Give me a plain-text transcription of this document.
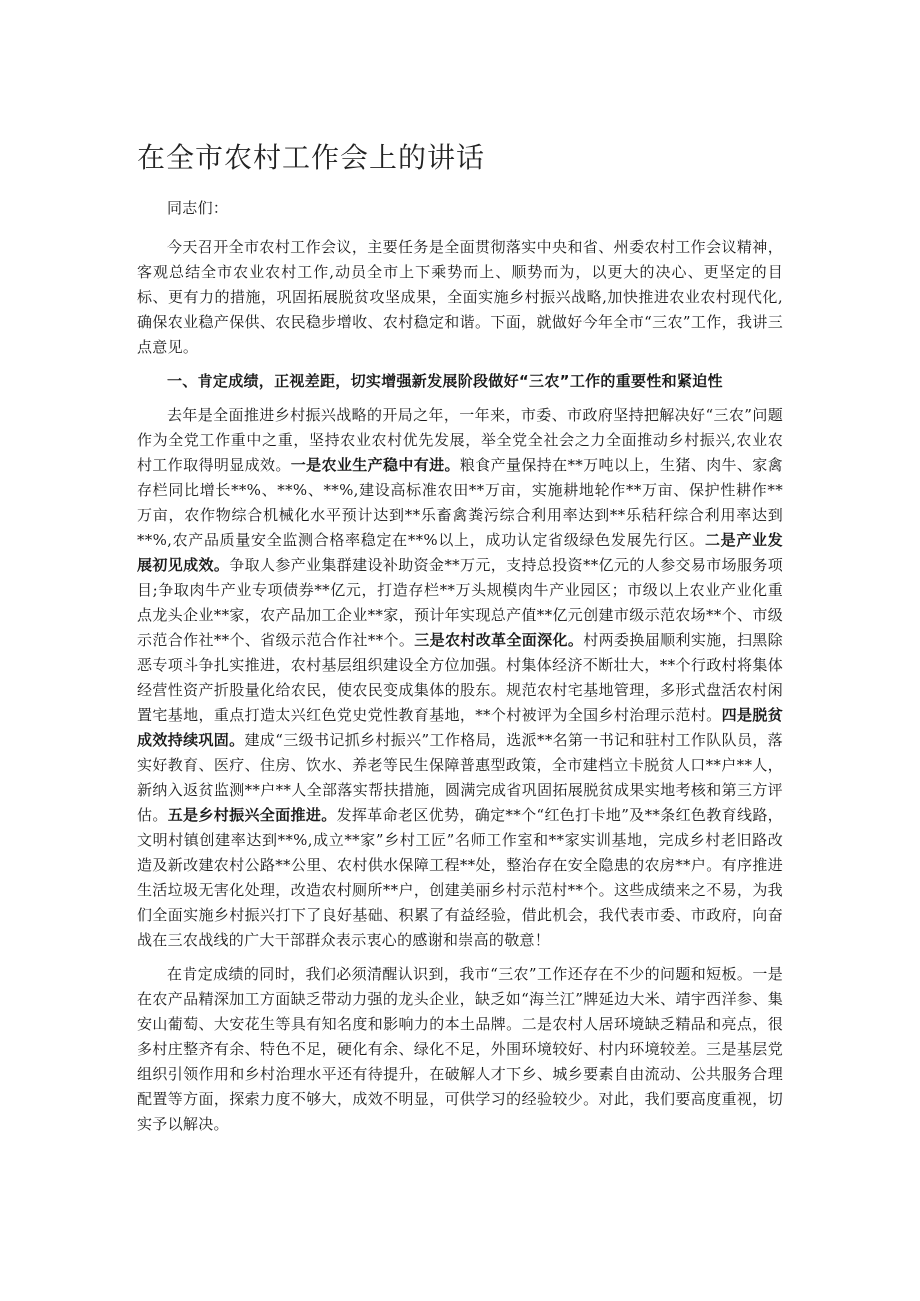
在全市农村工作会上的讲话

同志们：

今天召开全市农村工作会议，主要任务是全面贯彻落实中央和省、州委农村工作会议精神，客观总结全市农业农村工作,动员全市上下乘势而上、顺势而为，以更大的决心、更坚定的目标、更有力的措施，巩固拓展脱贫攻坚成果，全面实施乡村振兴战略,加快推进农业农村现代化,确保农业稳产保供、农民稳步增收、农村稳定和谐。下面，就做好今年全市“三农”工作，我讲三点意见。

一、肯定成绩，正视差距，切实增强新发展阶段做好“三农”工作的重要性和紧迫性

去年是全面推进乡村振兴战略的开局之年，一年来，市委、市政府坚持把解决好“三农”问题作为全党工作重中之重，坚持农业农村优先发展，举全党全社会之力全面推动乡村振兴,农业农村工作取得明显成效。一是农业生产稳中有进。粮食产量保持在**万吨以上，生猪、肉牛、家禽存栏同比增长**%、**%、**%,建设高标准农田**万亩，实施耕地轮作**万亩、保护性耕作**万亩，农作物综合机械化水平预计达到**乐畜禽粪污综合利用率达到**乐秸秆综合利用率达到**%,农产品质量安全监测合格率稳定在**%以上，成功认定省级绿色发展先行区。二是产业发展初见成效。争取人参产业集群建设补助资金**万元，支持总投资**亿元的人参交易市场服务项目;争取肉牛产业专项债券**亿元，打造存栏**万头规模肉牛产业园区；市级以上农业产业化重点龙头企业**家，农产品加工企业**家，预计年实现总产值**亿元创建市级示范农场**个、市级示范合作社**个、省级示范合作社**个。三是农村改革全面深化。村两委换届顺利实施，扫黑除恶专项斗争扎实推进，农村基层组织建设全方位加强。村集体经济不断壮大，**个行政村将集体经营性资产折股量化给农民，使农民变成集体的股东。规范农村宅基地管理，多形式盘活农村闲置宅基地，重点打造太兴红色党史党性教育基地，**个村被评为全国乡村治理示范村。四是脱贫成效持续巩固。建成“三级书记抓乡村振兴”工作格局，选派**名第一书记和驻村工作队队员，落实好教育、医疗、住房、饮水、养老等民生保障普惠型政策，全市建档立卡脱贫人口**户**人，新纳入返贫监测**户**人全部落实帮扶措施，圆满完成省巩固拓展脱贫成果实地考核和第三方评估。五是乡村振兴全面推进。发挥革命老区优势，确定**个“红色打卡地”及**条红色教育线路，文明村镇创建率达到**%,成立**家”乡村工匠”名师工作室和**家实训基地，完成乡村老旧路改造及新改建农村公路**公里、农村供水保障工程**处，整治存在安全隐患的农房**户。有序推进生活垃圾无害化处理，改造农村厕所**户，创建美丽乡村示范村**个。这些成绩来之不易，为我们全面实施乡村振兴打下了良好基础、积累了有益经验，借此机会，我代表市委、市政府，向奋战在三农战线的广大干部群众表示衷心的感谢和崇高的敬意！

在肯定成绩的同时，我们必须清醒认识到，我市“三农”工作还存在不少的问题和短板。一是在农产品精深加工方面缺乏带动力强的龙头企业，缺乏如“海兰江”牌延边大米、靖宇西洋参、集安山葡萄、大安花生等具有知名度和影响力的本土品牌。二是农村人居环境缺乏精品和亮点，很多村庄整齐有余、特色不足，硬化有余、绿化不足，外围环境较好、村内环境较差。三是基层党组织引领作用和乡村治理水平还有待提升，在破解人才下乡、城乡要素自由流动、公共服务合理配置等方面，探索力度不够大，成效不明显，可供学习的经验较少。对此，我们要高度重视，切实予以解决。
